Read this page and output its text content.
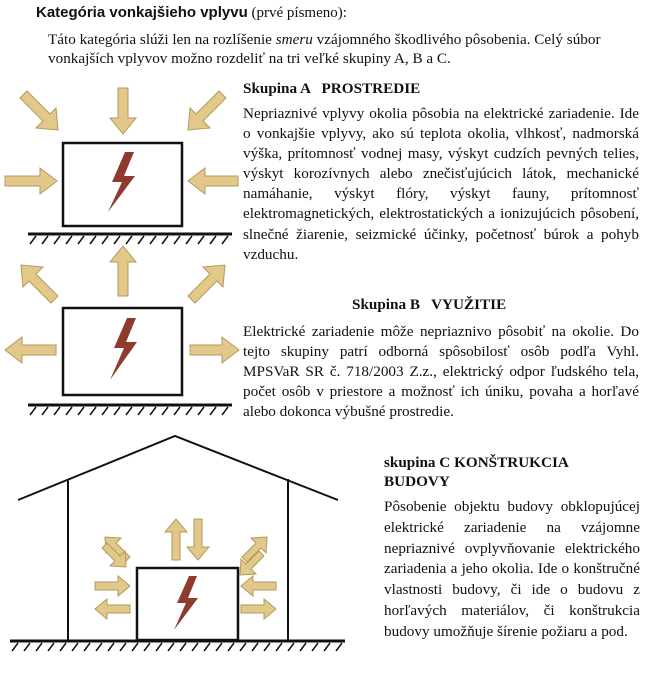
Kategória vonkajšieho vplyvu (prvé písmeno):
Táto kategória slúži len na rozlíšenie smeru vzájomného škodlivého pôsobenia. Celý súbor vonkajších vplyvov možno rozdeliť na tri veľké skupiny A, B a C.
Skupina A   PROSTREDIE
Nepriaznivé vplyvy okolia pôsobia na elektrické zariadenie. Ide o vonkajšie vplyvy, ako sú teplota okolia, vlhkosť, nadmorská výška, prítomnosť vodnej masy, výskyt cudzích pevných telies, výskyt korozívnych alebo znečisťujúcich látok, mechanické namáhanie, výskyt flóry, výskyt fauny, prítomnosť elektromagnetických, elektrostatických a ionizujúcich pôsobení, slnečné žiarenie, seizmické účinky, početnosť búrok a pohyb vzduchu.
Skupina B   VYUŽITIE
Elektrické zariadenie môže nepriaznivo pôsobiť na okolie. Do tejto skupiny patrí odborná spôsobilosť osôb podľa Vyhl. MPSVaR SR č. 718/2003 Z.z., elektrický odpor ľudského tela, počet osôb v priestore a možnosť ich úniku, povaha a horľavé alebo dokonca výbušné prostredie.
skupina C KONŠTRUKCIA BUDOVY
Pôsobenie objektu budovy obklopujúcej elektrické zariadenie na vzájomne nepriaznivé ovplyvňovanie elektrického zariadenia a jeho okolia. Ide o konštručné vlastnosti budovy, či ide o budovu z horľavých materiálov, či konštrukcia budovy umožňuje šírenie požiaru a pod.
